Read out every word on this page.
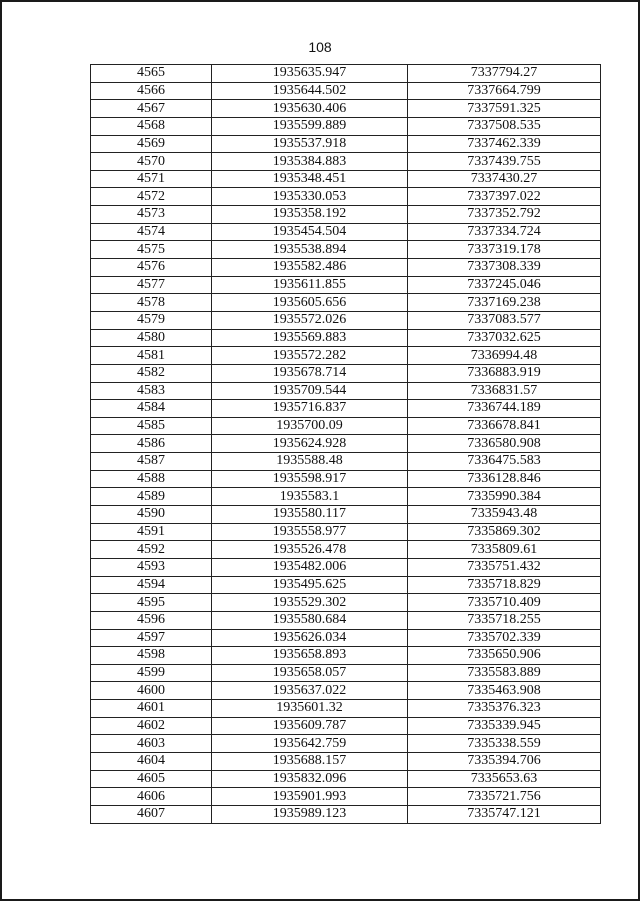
108
4565	1935635.947	7337794.27
4566	1935644.502	7337664.799
4567	1935630.406	7337591.325
4568	1935599.889	7337508.535
4569	1935537.918	7337462.339
4570	1935384.883	7337439.755
4571	1935348.451	7337430.27
4572	1935330.053	7337397.022
4573	1935358.192	7337352.792
4574	1935454.504	7337334.724
4575	1935538.894	7337319.178
4576	1935582.486	7337308.339
4577	1935611.855	7337245.046
4578	1935605.656	7337169.238
4579	1935572.026	7337083.577
4580	1935569.883	7337032.625
4581	1935572.282	7336994.48
4582	1935678.714	7336883.919
4583	1935709.544	7336831.57
4584	1935716.837	7336744.189
4585	1935700.09	7336678.841
4586	1935624.928	7336580.908
4587	1935588.48	7336475.583
4588	1935598.917	7336128.846
4589	1935583.1	7335990.384
4590	1935580.117	7335943.48
4591	1935558.977	7335869.302
4592	1935526.478	7335809.61
4593	1935482.006	7335751.432
4594	1935495.625	7335718.829
4595	1935529.302	7335710.409
4596	1935580.684	7335718.255
4597	1935626.034	7335702.339
4598	1935658.893	7335650.906
4599	1935658.057	7335583.889
4600	1935637.022	7335463.908
4601	1935601.32	7335376.323
4602	1935609.787	7335339.945
4603	1935642.759	7335338.559
4604	1935688.157	7335394.706
4605	1935832.096	7335653.63
4606	1935901.993	7335721.756
4607	1935989.123	7335747.121
